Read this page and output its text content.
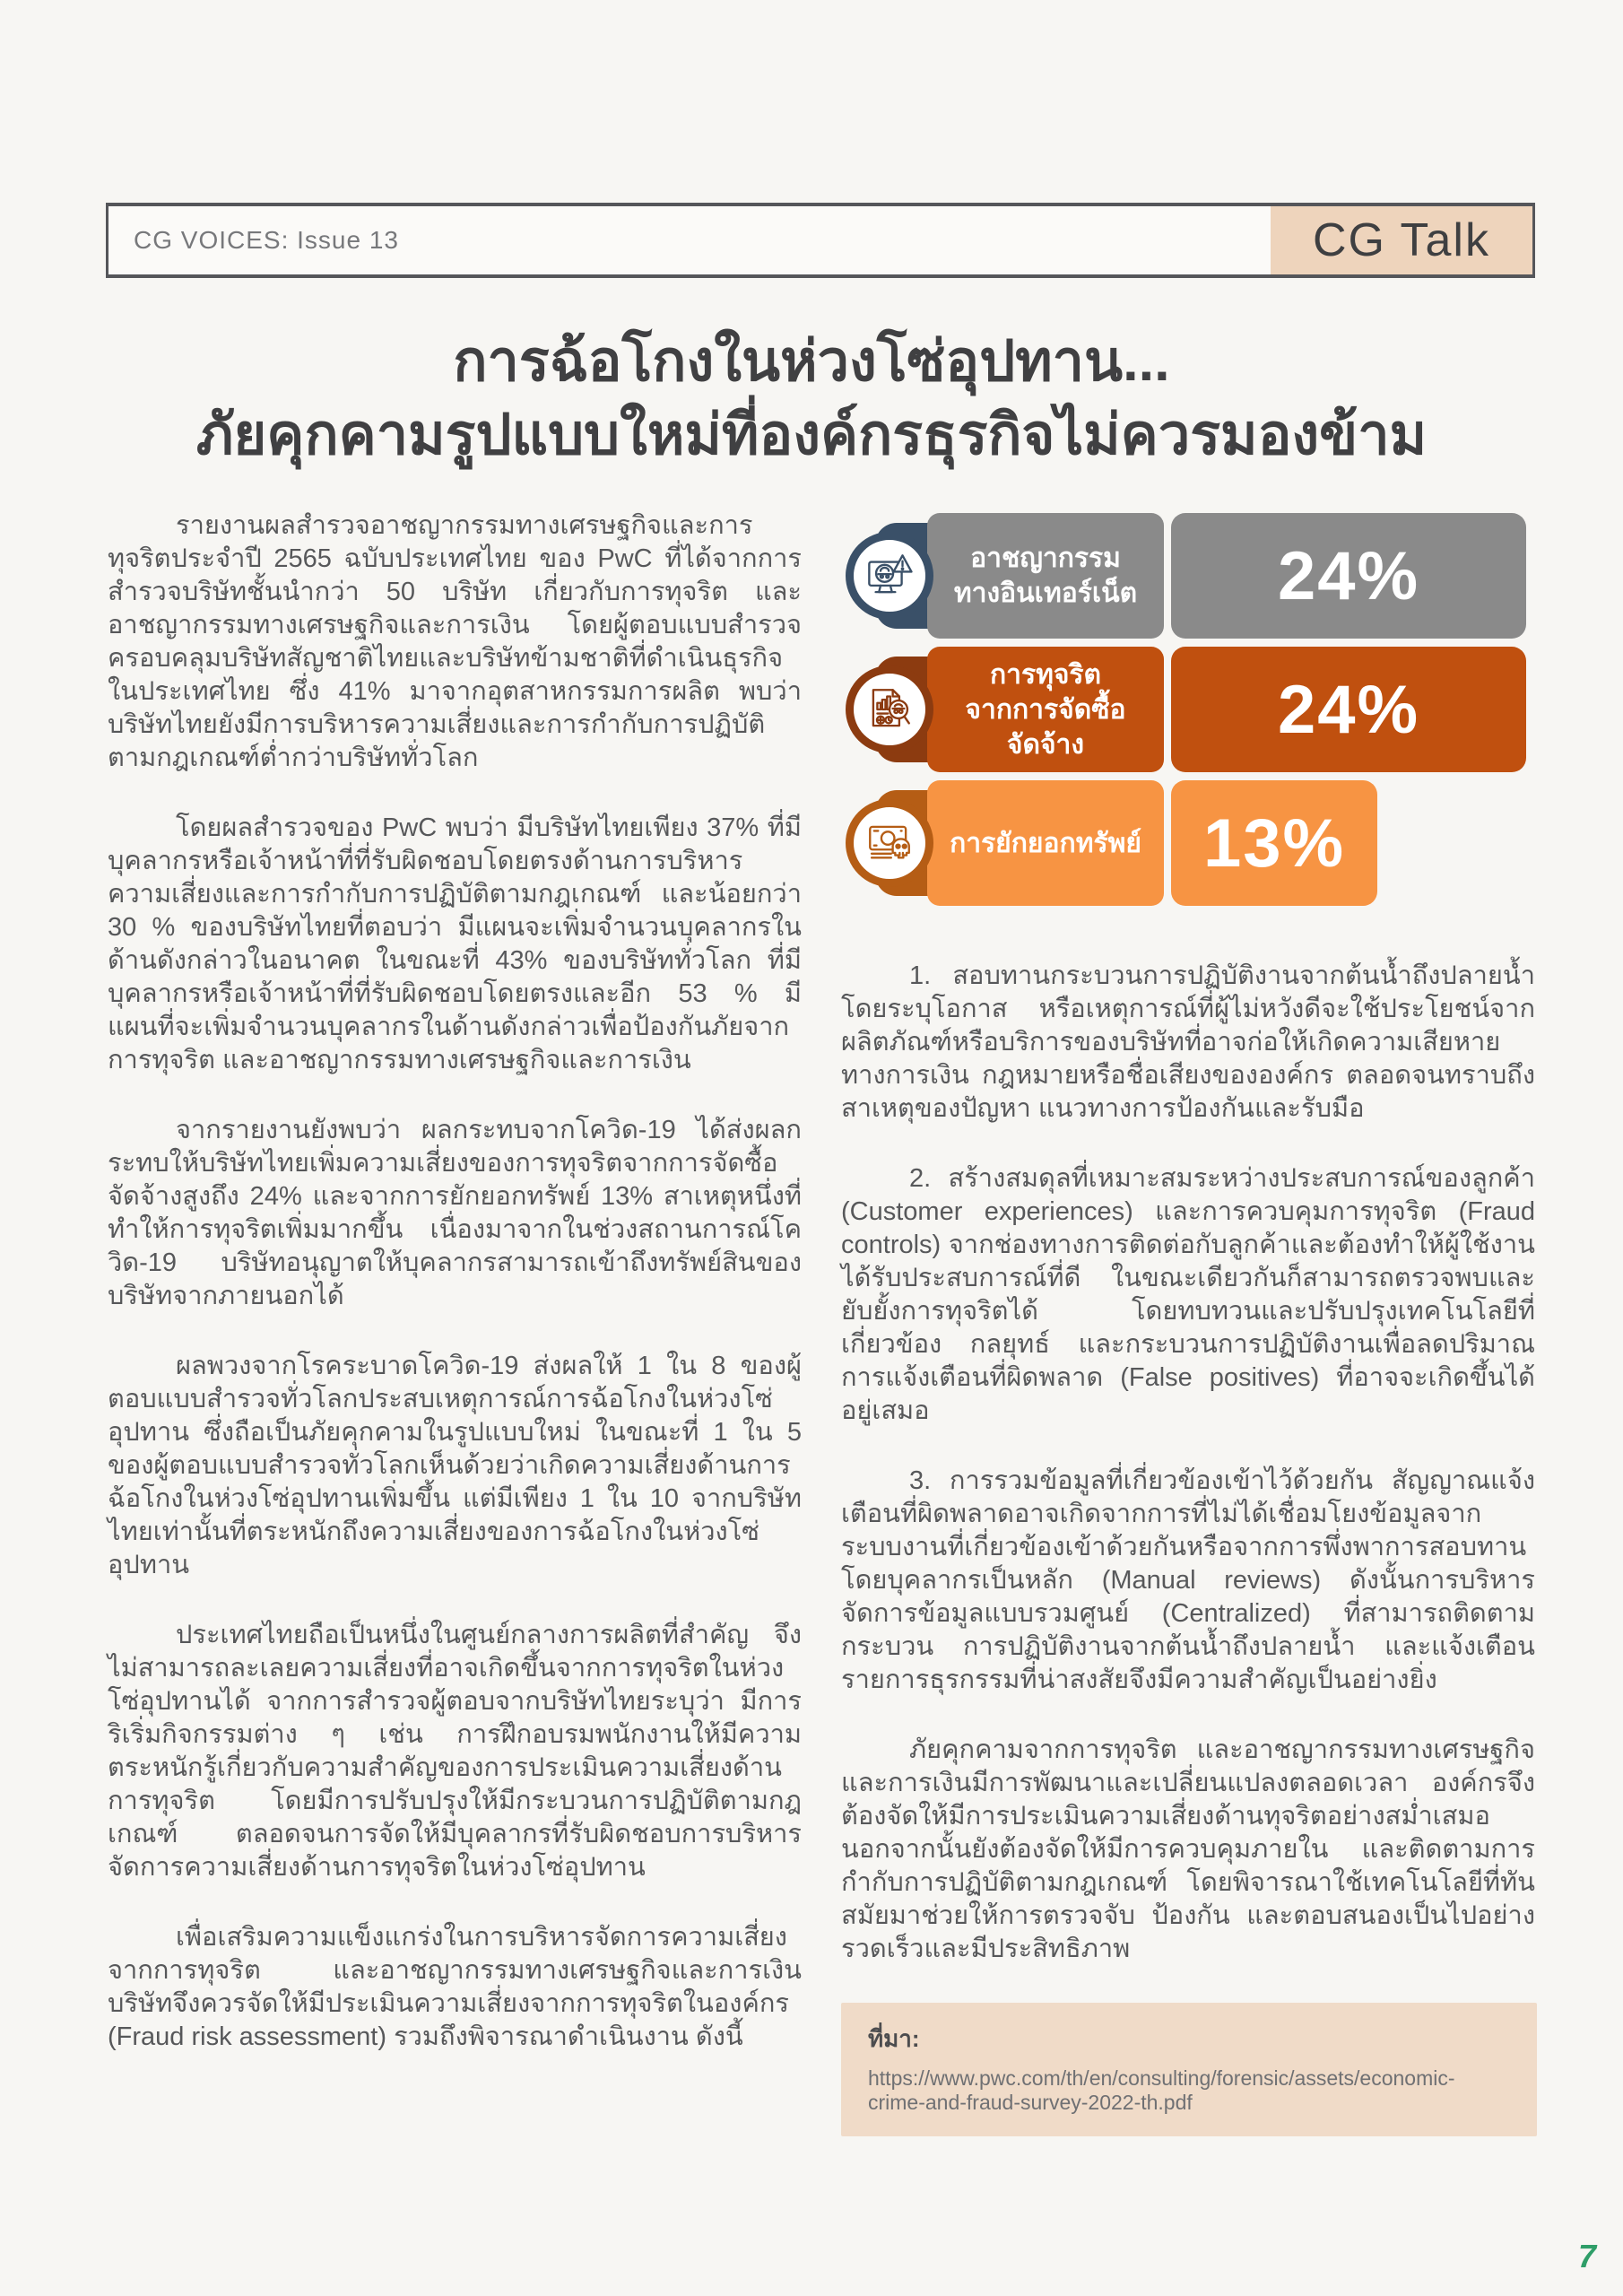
CG VOICES: Issue 13	CG Talk
การฉ้อโกงในห่วงโซ่อุปทาน...
ภัยคุกคามรูปแบบใหม่ที่องค์กรธุรกิจไม่ควรมองข้าม

รายงานผลสำรวจอาชญากรรมทางเศรษฐกิจและการทุจริตประจำปี 2565 ฉบับประเทศไทย ของ PwC ที่ได้จากการสำรวจบริษัทชั้นนำกว่า 50 บริษัท เกี่ยวกับการทุจริต และอาชญากรรมทางเศรษฐกิจและการเงิน โดยผู้ตอบแบบสำรวจครอบคลุมบริษัทสัญชาติไทยและบริษัทข้ามชาติที่ดำเนินธุรกิจในประเทศไทย ซึ่ง 41% มาจากอุตสาหกรรมการผลิต พบว่า บริษัทไทยยังมีการบริหารความเสี่ยงและการกำกับการปฏิบัติตามกฎเกณฑ์ต่ำกว่าบริษัททั่วโลก

โดยผลสำรวจของ PwC พบว่า มีบริษัทไทยเพียง 37% ที่มีบุคลากรหรือเจ้าหน้าที่ที่รับผิดชอบโดยตรงด้านการบริหารความเสี่ยงและการกำกับการปฏิบัติตามกฎเกณฑ์ และน้อยกว่า 30 % ของบริษัทไทยที่ตอบว่า มีแผนจะเพิ่มจำนวนบุคลากรในด้านดังกล่าวในอนาคต ในขณะที่ 43% ของบริษัททั่วโลก ที่มีบุคลากรหรือเจ้าหน้าที่ที่รับผิดชอบโดยตรงและอีก 53 % มีแผนที่จะเพิ่มจำนวนบุคลากรในด้านดังกล่าวเพื่อป้องกันภัยจากการทุจริต และอาชญากรรมทางเศรษฐกิจและการเงิน

จากรายงานยังพบว่า ผลกระทบจากโควิด-19 ได้ส่งผลกระทบให้บริษัทไทยเพิ่มความเสี่ยงของการทุจริตจากการจัดซื้อจัดจ้างสูงถึง 24% และจากการยักยอกทรัพย์ 13% สาเหตุหนึ่งที่ทำให้การทุจริตเพิ่มมากขึ้น เนื่องมาจากในช่วงสถานการณ์โควิด-19 บริษัทอนุญาตให้บุคลากรสามารถเข้าถึงทรัพย์สินของบริษัทจากภายนอกได้

ผลพวงจากโรคระบาดโควิด-19 ส่งผลให้ 1 ใน 8 ของผู้ตอบแบบสำรวจทั่วโลกประสบเหตุการณ์การฉ้อโกงในห่วงโซ่อุปทาน ซึ่งถือเป็นภัยคุกคามในรูปแบบใหม่ ในขณะที่ 1 ใน 5 ของผู้ตอบแบบสำรวจทั่วโลกเห็นด้วยว่าเกิดความเสี่ยงด้านการฉ้อโกงในห่วงโซ่อุปทานเพิ่มขึ้น แต่มีเพียง 1 ใน 10 จากบริษัทไทยเท่านั้นที่ตระหนักถึงความเสี่ยงของการฉ้อโกงในห่วงโซ่อุปทาน

ประเทศไทยถือเป็นหนึ่งในศูนย์กลางการผลิตที่สำคัญ จึงไม่สามารถละเลยความเสี่ยงที่อาจเกิดขึ้นจากการทุจริตในห่วงโซ่อุปทานได้ จากการสำรวจผู้ตอบจากบริษัทไทยระบุว่า มีการริเริ่มกิจกรรมต่าง ๆ เช่น การฝึกอบรมพนักงานให้มีความตระหนักรู้เกี่ยวกับความสำคัญของการประเมินความเสี่ยงด้านการทุจริต โดยมีการปรับปรุงให้มีกระบวนการปฏิบัติตามกฎเกณฑ์ ตลอดจนการจัดให้มีบุคลากรที่รับผิดชอบการบริหารจัดการความเสี่ยงด้านการทุจริตในห่วงโซ่อุปทาน

เพื่อเสริมความแข็งแกร่งในการบริหารจัดการความเสี่ยงจากการทุจริต และอาชญากรรมทางเศรษฐกิจและการเงิน บริษัทจึงควรจัดให้มีประเมินความเสี่ยงจากการทุจริตในองค์กร (Fraud risk assessment) รวมถึงพิจารณาดำเนินงาน ดังนี้

อาชญากรรม
ทางอินเทอร์เน็ต	24%
การทุจริต
จากการจัดซื้อ
จัดจ้าง	24%
การยักยอกทรัพย์ 13%

1. สอบทานกระบวนการปฏิบัติงานจากต้นน้ำถึงปลายน้ำ โดยระบุโอกาส หรือเหตุการณ์ที่ผู้ไม่หวังดีจะใช้ประโยชน์จากผลิตภัณฑ์หรือบริการของบริษัทที่อาจก่อให้เกิดความเสียหายทางการเงิน กฎหมายหรือชื่อเสียงขององค์กร ตลอดจนทราบถึงสาเหตุของปัญหา แนวทางการป้องกันและรับมือ

2. สร้างสมดุลที่เหมาะสมระหว่างประสบการณ์ของลูกค้า (Customer experiences) และการควบคุมการทุจริต (Fraud controls) จากช่องทางการติดต่อกับลูกค้าและต้องทำให้ผู้ใช้งานได้รับประสบการณ์ที่ดี ในขณะเดียวกันก็สามารถตรวจพบและยับยั้งการทุจริตได้ โดยทบทวนและปรับปรุงเทคโนโลยีที่เกี่ยวข้อง กลยุทธ์ และกระบวนการปฏิบัติงานเพื่อลดปริมาณการแจ้งเตือนที่ผิดพลาด (False positives) ที่อาจจะเกิดขึ้นได้อยู่เสมอ

3. การรวมข้อมูลที่เกี่ยวข้องเข้าไว้ด้วยกัน สัญญาณแจ้งเตือนที่ผิดพลาดอาจเกิดจากการที่ไม่ได้เชื่อมโยงข้อมูลจากระบบงานที่เกี่ยวข้องเข้าด้วยกันหรือจากการพึ่งพาการสอบทานโดยบุคลากรเป็นหลัก (Manual reviews) ดังนั้นการบริหารจัดการข้อมูลแบบรวมศูนย์ (Centralized) ที่สามารถติดตามกระบวน การปฏิบัติงานจากต้นน้ำถึงปลายน้ำ และแจ้งเตือนรายการธุรกรรมที่น่าสงสัยจึงมีความสำคัญเป็นอย่างยิ่ง

ภัยคุกคามจากการทุจริต และอาชญากรรมทางเศรษฐกิจและการเงินมีการพัฒนาและเปลี่ยนแปลงตลอดเวลา องค์กรจึงต้องจัดให้มีการประเมินความเสี่ยงด้านทุจริตอย่างสม่ำเสมอ นอกจากนั้นยังต้องจัดให้มีการควบคุมภายใน และติดตามการกำกับการปฏิบัติตามกฎเกณฑ์ โดยพิจารณาใช้เทคโนโลยีที่ทันสมัยมาช่วยให้การตรวจจับ ป้องกัน และตอบสนองเป็นไปอย่างรวดเร็วและมีประสิทธิภาพ

ที่มา:
https://www.pwc.com/th/en/consulting/forensic/assets/economic-crime-and-fraud-survey-2022-th.pdf
7
